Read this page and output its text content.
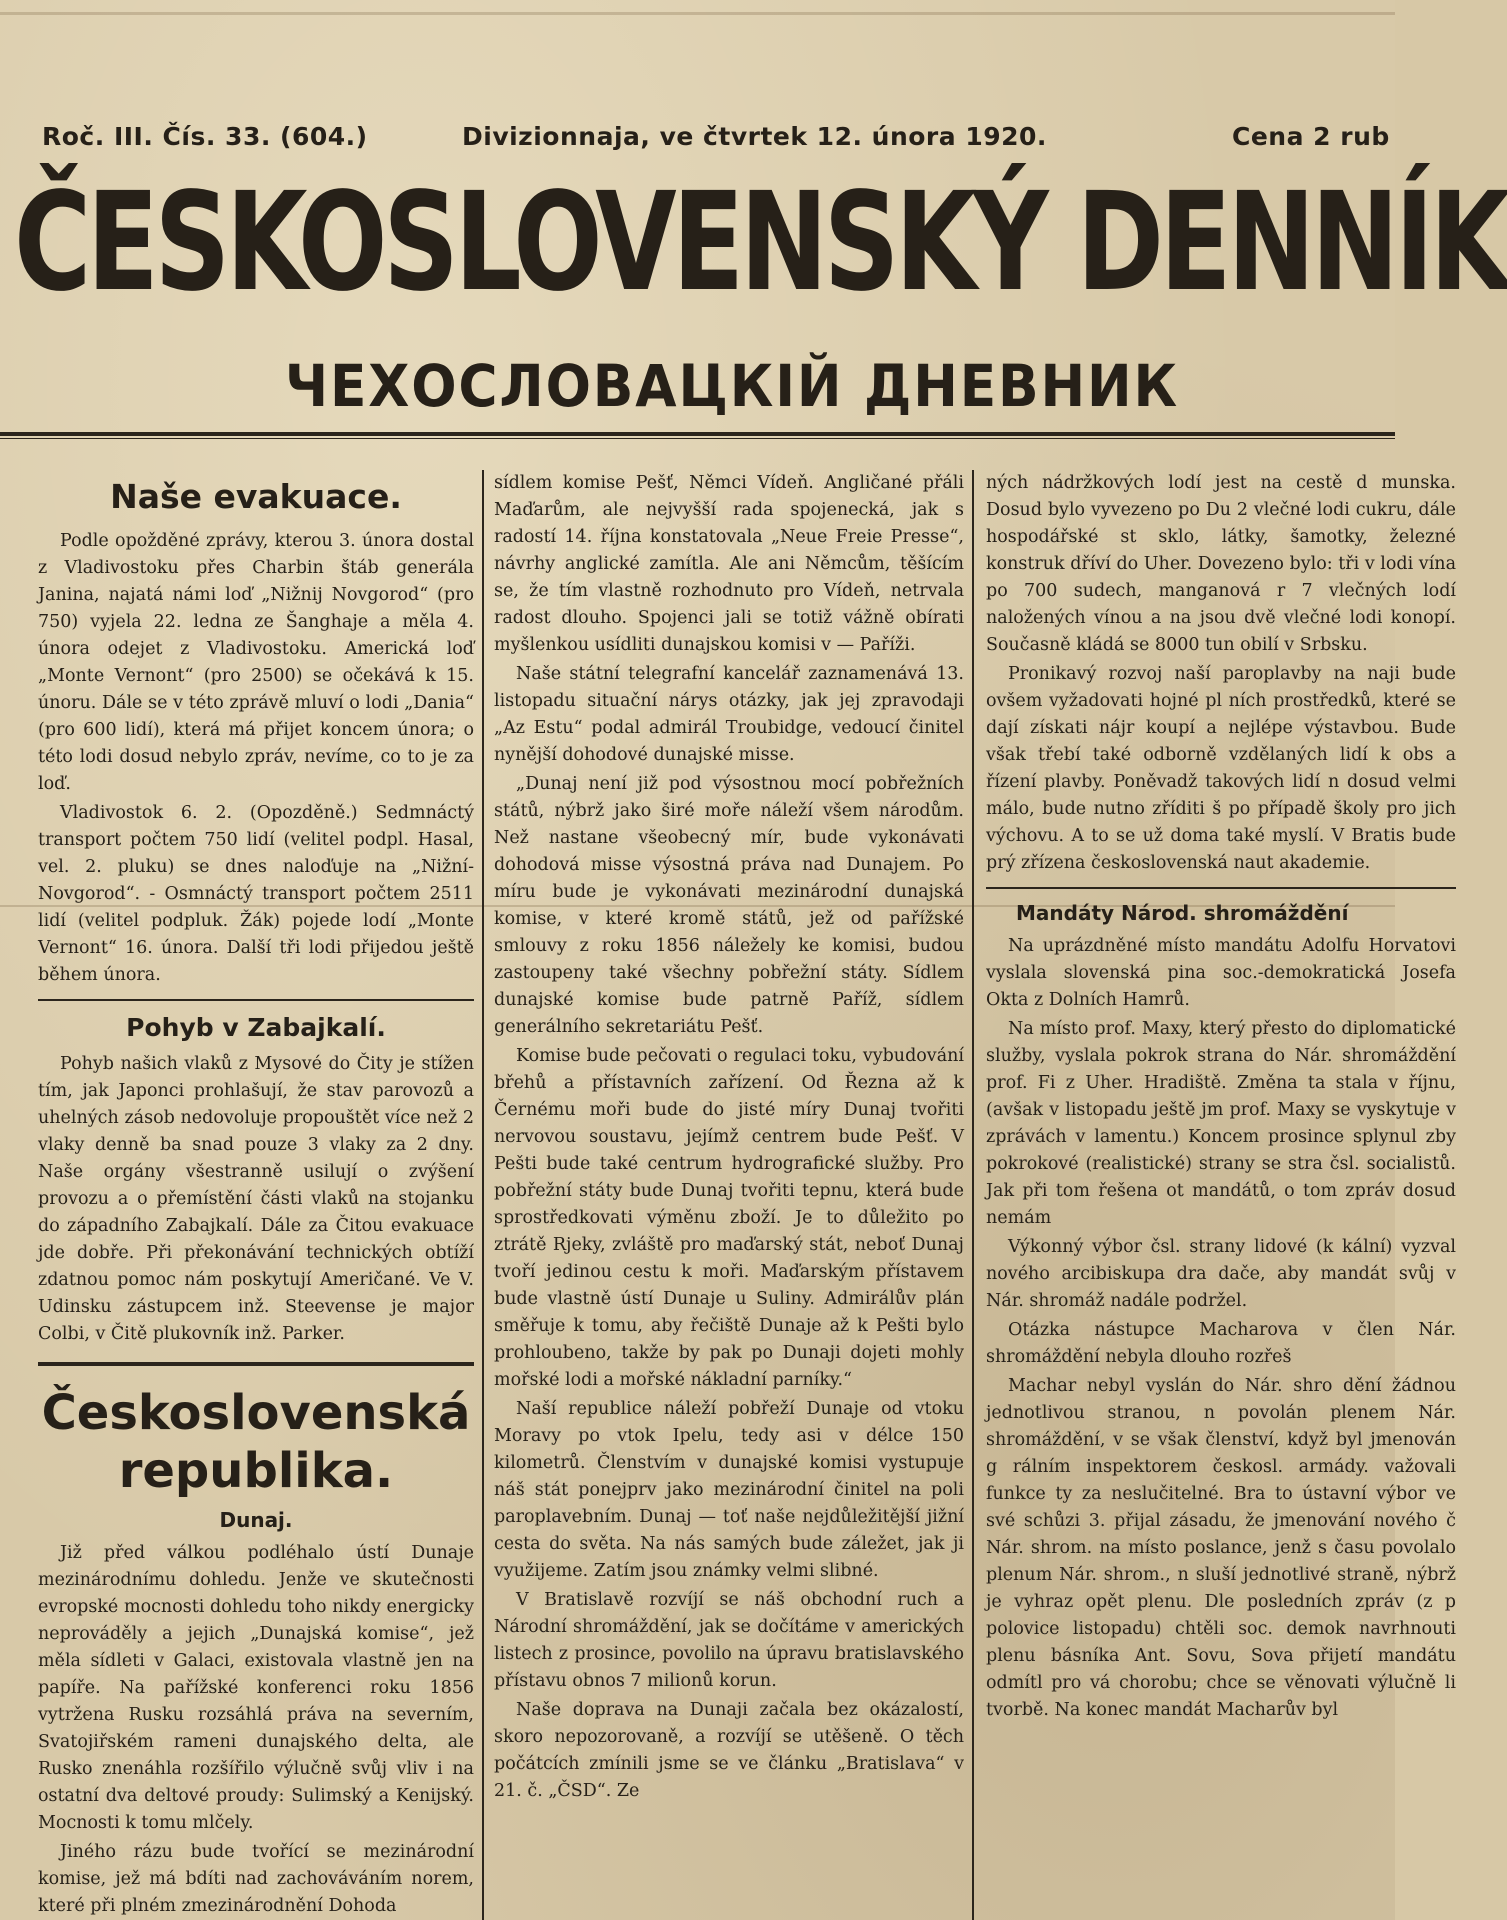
Roč. III. Čís. 33. (604.)	Divizionnaja, ve čtvrtek 12. února 1920.	Cena 2 rub
ČESKOSLOVENSKÝ DENNÍK
ЧЕХОСЛОВАЦКІЙ ДНЕВНИК
Naše evakuace.

Podle opožděné zprávy, kterou 3. února dostal z Vladivostoku přes Charbin štáb generála Janina, najatá námi loď „Nižnij Novgorod“ (pro 750) vyjela 22. ledna ze Šanghaje a měla 4. února odejet z Vladivostoku. Americká loď „Monte Vernont“ (pro 2500) se očekává k 15. únoru. Dále se v této zprávě mluví o lodi „Dania“ (pro 600 lidí), která má přijet koncem února; o této lodi dosud nebylo zpráv, nevíme, co to je za loď.

Vladivostok 6. 2. (Opozděně.) Sedmnáctý transport počtem 750 lidí (velitel podpl. Hasal, vel. 2. pluku) se dnes naloďuje na „Nižní-Novgorod“. - Osmnáctý transport počtem 2511 lidí (velitel podpluk. Žák) pojede lodí „Monte Vernont“ 16. února. Další tři lodi přijedou ještě během února.

Pohyb v Zabajkalí.

Pohyb našich vlaků z Mysové do Čity je stížen tím, jak Japonci prohlašují, že stav parovozů a uhelných zásob nedovoluje propouštět více než 2 vlaky denně ba snad pouze 3 vlaky za 2 dny. Naše orgány všestranně usilují o zvýšení provozu a o přemístění části vlaků na stojanku do západního Zabajkalí. Dále za Čitou evakuace jde dobře. Při překonávání technických obtíží zdatnou pomoc nám poskytují Američané. Ve V. Udinsku zástupcem inž. Steevense je major Colbi, v Čitě plukovník inž. Parker.

Československá republika.
Dunaj.

Již před válkou podléhalo ústí Dunaje mezinárodnímu dohledu. Jenže ve skutečnosti evropské mocnosti dohledu toho nikdy energicky neprováděly a jejich „Dunajská komise“, jež měla sídleti v Galaci, existovala vlastně jen na papíře. Na pařížské konferenci roku 1856 vytržena Rusku rozsáhlá práva na severním, Svatojiřském rameni dunajského delta, ale Rusko znenáhla rozšířilo výlučně svůj vliv i na ostatní dva deltové proudy: Sulimský a Kenijský. Mocnosti k tomu mlčely.

Jiného rázu bude tvořící se mezinárodní komise, jež má bdíti nad zachováváním norem, které při plném zmezinárodnění Dohoda

sídlem komise Pešť, Němci Vídeň. Angličané přáli Maďarům, ale nejvyšší rada spojenecká, jak s radostí 14. října konstatovala „Neue Freie Presse“, návrhy anglické zamítla. Ale ani Němcům, těšícím se, že tím vlastně rozhodnuto pro Vídeň, netrvala radost dlouho. Spojenci jali se totiž vážně obírati myšlenkou usídliti dunajskou komisi v — Paříži.

Naše státní telegrafní kancelář zaznamenává 13. listopadu situační nárys otázky, jak jej zpravodaji „Az Estu“ podal admirál Troubidge, vedoucí činitel nynější dohodové dunajské misse.

„Dunaj není již pod výsostnou mocí pobřežních států, nýbrž jako širé moře náleží všem národům. Než nastane všeobecný mír, bude vykonávati dohodová misse výsostná práva nad Dunajem. Po míru bude je vykonávati mezinárodní dunajská komise, v které kromě států, jež od pařížské smlouvy z roku 1856 náležely ke komisi, budou zastoupeny také všechny pobřežní státy. Sídlem dunajské komise bude patrně Paříž, sídlem generálního sekretariátu Pešť.

Komise bude pečovati o regulaci toku, vybudování břehů a přístavních zařízení. Od Řezna až k Černému moři bude do jisté míry Dunaj tvořiti nervovou soustavu, jejímž centrem bude Pešť. V Pešti bude také centrum hydrografické služby. Pro pobřežní státy bude Dunaj tvořiti tepnu, která bude sprostředkovati výměnu zboží. Je to důležito po ztrátě Rjeky, zvláště pro maďarský stát, neboť Dunaj tvoří jedinou cestu k moři. Maďarským přístavem bude vlastně ústí Dunaje u Suliny. Admirálův plán směřuje k tomu, aby řečiště Dunaje až k Pešti bylo prohloubeno, takže by pak po Dunaji dojeti mohly mořské lodi a mořské nákladní parníky.“

Naší republice náleží pobřeží Dunaje od vtoku Moravy po vtok Ipelu, tedy asi v délce 150 kilometrů. Členstvím v dunajské komisi vystupuje náš stát ponejprv jako mezinárodní činitel na poli paroplavebním. Dunaj — toť naše nejdůležitější jižní cesta do světa. Na nás samých bude záležet, jak ji využijeme. Zatím jsou známky velmi slibné.

V Bratislavě rozvíjí se náš obchodní ruch a Národní shromáždění, jak se dočítáme v amerických listech z prosince, povolilo na úpravu bratislavského přístavu obnos 7 milionů korun.

Naše doprava na Dunaji začala bez okázalostí, skoro nepozorovaně, a rozvíjí se utěšeně. O těch počátcích zmínili jsme se ve článku „Bratislava“ v 21. č. „ČSD“. Ze

ných nádržkových lodí jest na cestě d munska. Dosud bylo vyvezeno po Du 2 vlečné lodi cukru, dále hospodářské st sklo, látky, šamotky, železné konstruk dříví do Uher. Dovezeno bylo: tři v lodi vína po 700 sudech, manganová r 7 vlečných lodí naložených vínou a na jsou dvě vlečné lodi konopí. Současně kládá se 8000 tun obilí v Srbsku.

Pronikavý rozvoj naší paroplavby na naji bude ovšem vyžadovati hojné pl ních prostředků, které se dají získati nájr koupí a nejlépe výstavbou. Bude však třebí také odborně vzdělaných lidí k obs a řízení plavby. Poněvadž takových lidí n dosud velmi málo, bude nutno zříditi š po případě školy pro jich výchovu. A to se už doma také myslí. V Bratis bude prý zřízena československá naut akademie.

Mandáty Národ. shromáždění

Na uprázdněné místo mandátu Adolfu Horvatovi vyslala slovenská pina soc.-demokratická Josefa Okta z Dolních Hamrů.

Na místo prof. Maxy, který přesto do diplomatické služby, vyslala pokrok strana do Nár. shromáždění prof. Fi z Uher. Hradiště. Změna ta stala v říjnu, (avšak v listopadu ještě jm prof. Maxy se vyskytuje v zprávách v lamentu.) Koncem prosince splynul zby pokrokové (realistické) strany se stra čsl. socialistů. Jak při tom řešena ot mandátů, o tom zpráv dosud nemám

Výkonný výbor čsl. strany lidové (k kální) vyzval nového arcibiskupa dra dače, aby mandát svůj v Nár. shromáž nadále podržel.

Otázka nástupce Macharova v člen Nár. shromáždění nebyla dlouho rozřeš

Machar nebyl vyslán do Nár. shro dění žádnou jednotlivou stranou, n povolán plenem Nár. shromáždění, v se však členství, když byl jmenován g rálním inspektorem českosl. armády. važovali funkce ty za neslučitelné. Bra to ústavní výbor ve své schůzi 3. přijal zásadu, že jmenování nového č Nár. shrom. na místo poslance, jenž s času povolalo plenum Nár. shrom., n sluší jednotlivé straně, nýbrž je vyhraz opět plenu. Dle posledních zpráv (z p polovice listopadu) chtěli soc. demok navrhnouti plenu básníka Ant. Sovu, Sova přijetí mandátu odmítl pro vá chorobu; chce se věnovati výlučně li tvorbě. Na konec mandát Macharův byl
